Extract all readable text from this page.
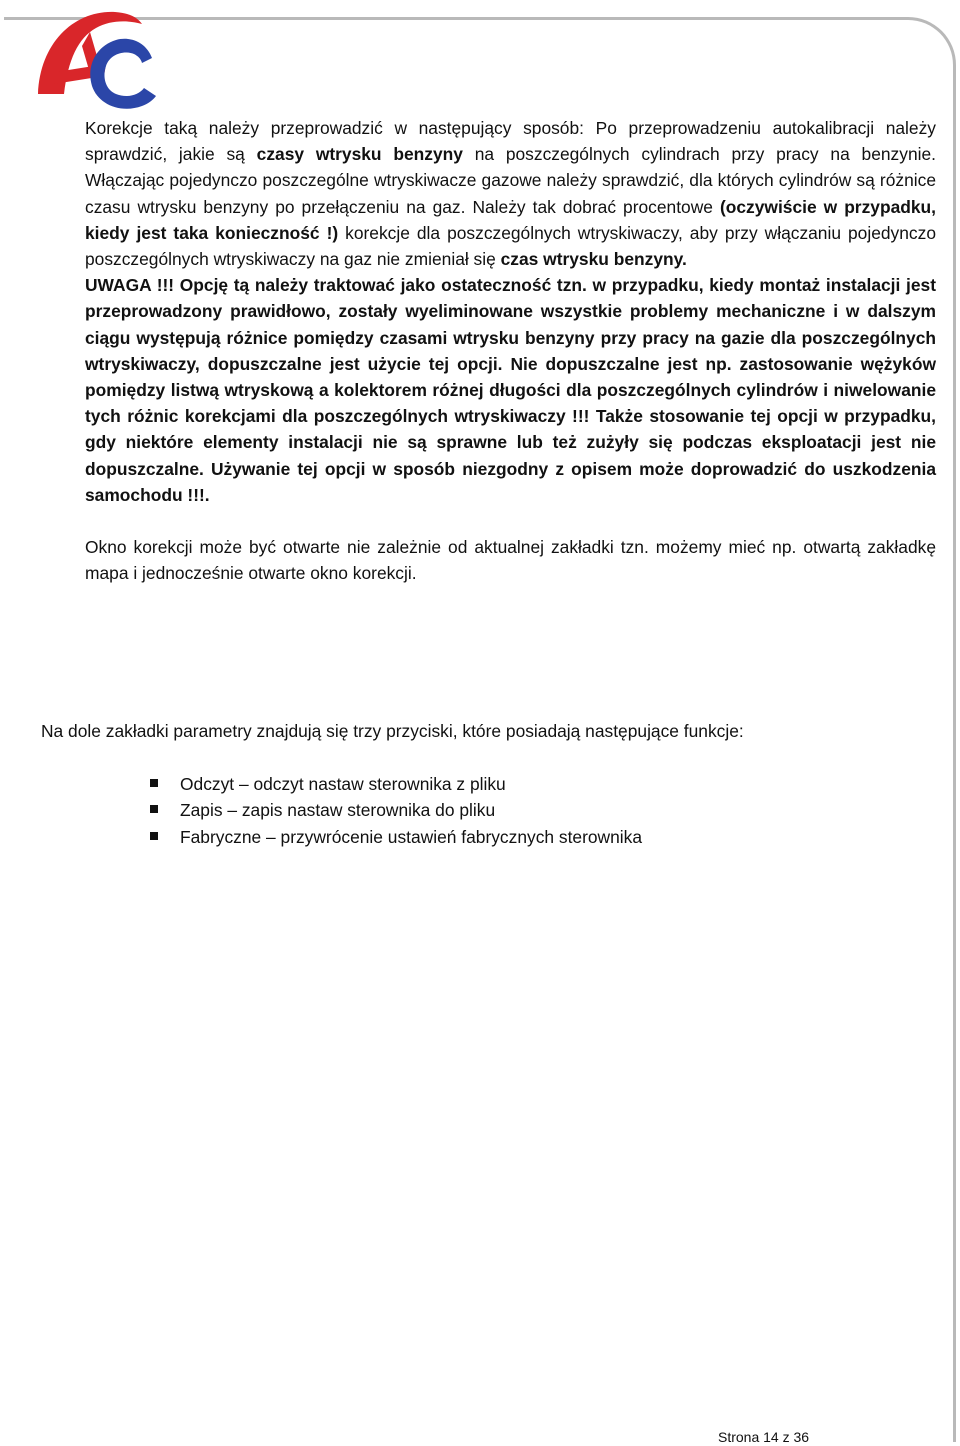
Korekcje taką należy przeprowadzić w następujący sposób: Po przeprowadzeniu autokalibracji należy sprawdzić, jakie są czasy wtrysku benzyny na poszczególnych cylindrach przy pracy na benzynie. Włączając pojedynczo poszczególne wtryskiwacze gazowe należy sprawdzić, dla których cylindrów są różnice czasu wtrysku benzyny po przełączeniu na gaz. Należy tak dobrać procentowe (oczywiście w przypadku, kiedy jest taka konieczność !) korekcje dla poszczególnych wtryskiwaczy, aby przy włączaniu pojedynczo poszczególnych wtryskiwaczy na gaz nie zmieniał się czas wtrysku benzyny.

UWAGA !!! Opcję tą należy traktować jako ostateczność tzn. w przypadku, kiedy montaż instalacji jest przeprowadzony prawidłowo, zostały wyeliminowane wszystkie problemy mechaniczne i w dalszym ciągu występują różnice pomiędzy czasami wtrysku benzyny przy pracy na gazie dla poszczególnych wtryskiwaczy, dopuszczalne jest użycie tej opcji. Nie dopuszczalne jest np. zastosowanie wężyków pomiędzy listwą wtryskową a kolektorem różnej długości dla poszczególnych cylindrów i niwelowanie tych różnic korekcjami dla poszczególnych wtryskiwaczy !!! Także stosowanie tej opcji w przypadku, gdy niektóre elementy instalacji nie są sprawne lub też zużyły się podczas eksploatacji jest nie dopuszczalne. Używanie tej opcji w sposób niezgodny z opisem może doprowadzić do uszkodzenia samochodu !!!.

Okno korekcji może być otwarte nie zależnie od aktualnej zakładki tzn. możemy mieć np. otwartą zakładkę mapa i jednocześnie otwarte okno korekcji.

Na dole zakładki parametry znajdują się trzy przyciski, które posiadają następujące funkcje:
Odczyt – odczyt nastaw sterownika z pliku
Zapis – zapis nastaw sterownika do pliku
Fabryczne – przywrócenie ustawień fabrycznych sterownika
Strona 14 z 36
